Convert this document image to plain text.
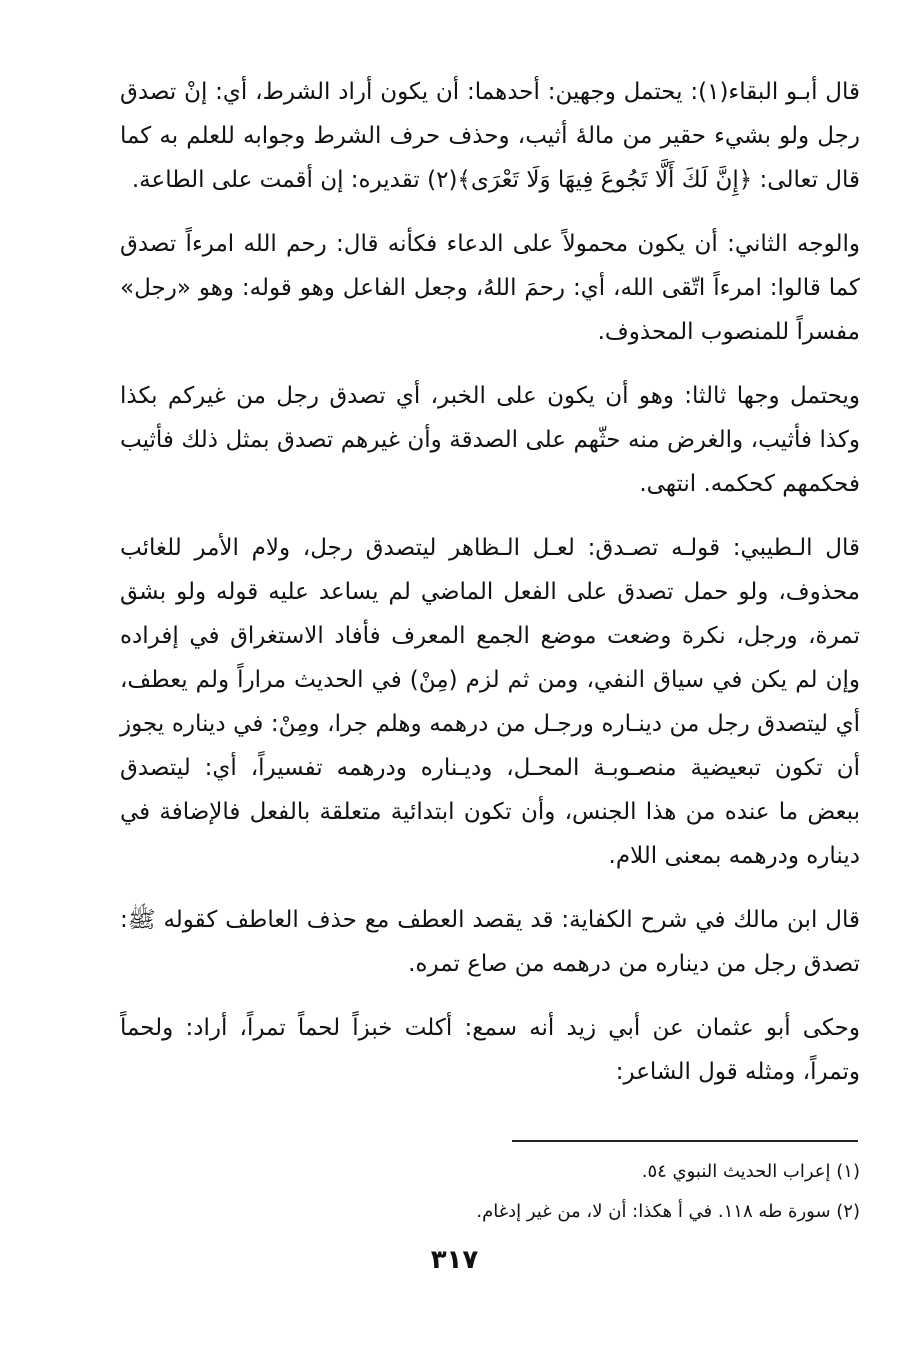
قال أبـو البقاء(١): يحتمل وجهين: أحدهما: أن يكون أراد الشرط، أي: إنْ تصدق رجل ولو بشيء حقير من مالهٔ أثيب، وحذف حرف الشرط وجوابه للعلم به كما قال تعالى: ﴿إِنَّ لَكَ أَلَّا تَجُوعَ فِيهَا وَلَا تَعْرَى﴾(٢) تقديره: إن أقمت على الطاعة.

والوجه الثاني: أن يكون محمولاً على الدعاء فكأنه قال: رحم الله امرءاً تصدق كما قالوا: امرءاً اتّقى الله، أي: رحمَ اللهُ، وجعل الفاعل وهو قوله: وهو «رجل» مفسراً للمنصوب المحذوف.

ويحتمل وجها ثالثا: وهو أن يكون على الخبر، أي تصدق رجل من غيركم بكذا وكذا فأثيب، والغرض منه حثّهم على الصدقة وأن غيرهم تصدق بمثل ذلك فأثيب فحكمهم كحكمه. انتهى.

قال الـطيبي: قولـه تصـدق: لعـل الـظاهر ليتصدق رجل، ولام الأمر للغائب محذوف، ولو حمل تصدق على الفعل الماضي لم يساعد عليه قوله ولو بشق تمرة، ورجل، نكرة وضعت موضع الجمع المعرف فأفاد الاستغراق في إفراده وإن لم يكن في سياق النفي، ومن ثم لزم (مِنْ) في الحديث مراراً ولم يعطف، أي ليتصدق رجل من دينـاره ورجـل من درهمه وهلم جرا، ومِنْ: في ديناره يجوز أن تكون تبعيضية منصـوبـة المحـل، وديـناره ودرهمه تفسيراً، أي: ليتصدق ببعض ما عنده من هذا الجنس، وأن تكون ابتدائية متعلقة بالفعل فالإضافة في ديناره ودرهمه بمعنى اللام.

قال ابن مالك في شرح الكفاية: قد يقصد العطف مع حذف العاطف كقوله ﷺ: تصدق رجل من ديناره من درهمه من صاع تمره.

وحكى أبو عثمان عن أبي زيد أنه سمع: أكلت خبزاً لحماً تمراً، أراد: ولحماً وتمراً، ومثله قول الشاعر:

(١) إعراب الحديث النبوي ٥٤.

(٢) سورة طه ١١٨. في أ هكذا: أن لا، من غير إدغام.

٣١٧
